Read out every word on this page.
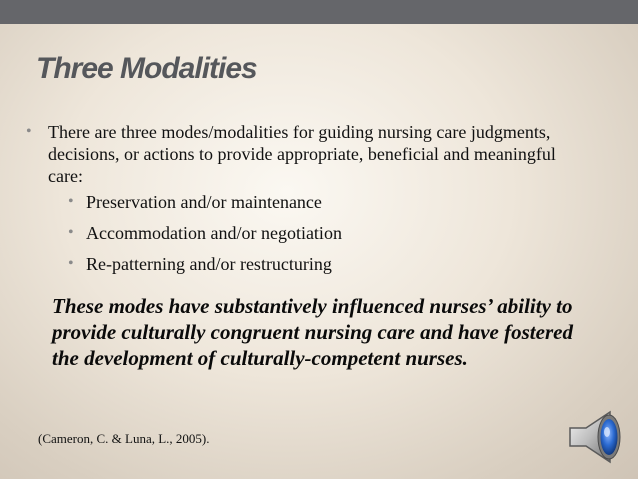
Three Modalities
• There are three modes/modalities for guiding nursing care judgments, decisions, or actions to provide appropriate, beneficial and meaningful care:
• Preservation and/or maintenance
• Accommodation and/or negotiation
• Re-patterning and/or restructuring

These modes have substantively influenced nurses’ ability to provide culturally congruent nursing care and have fostered the development of culturally-competent nurses.

(Cameron, C. & Luna, L., 2005).
